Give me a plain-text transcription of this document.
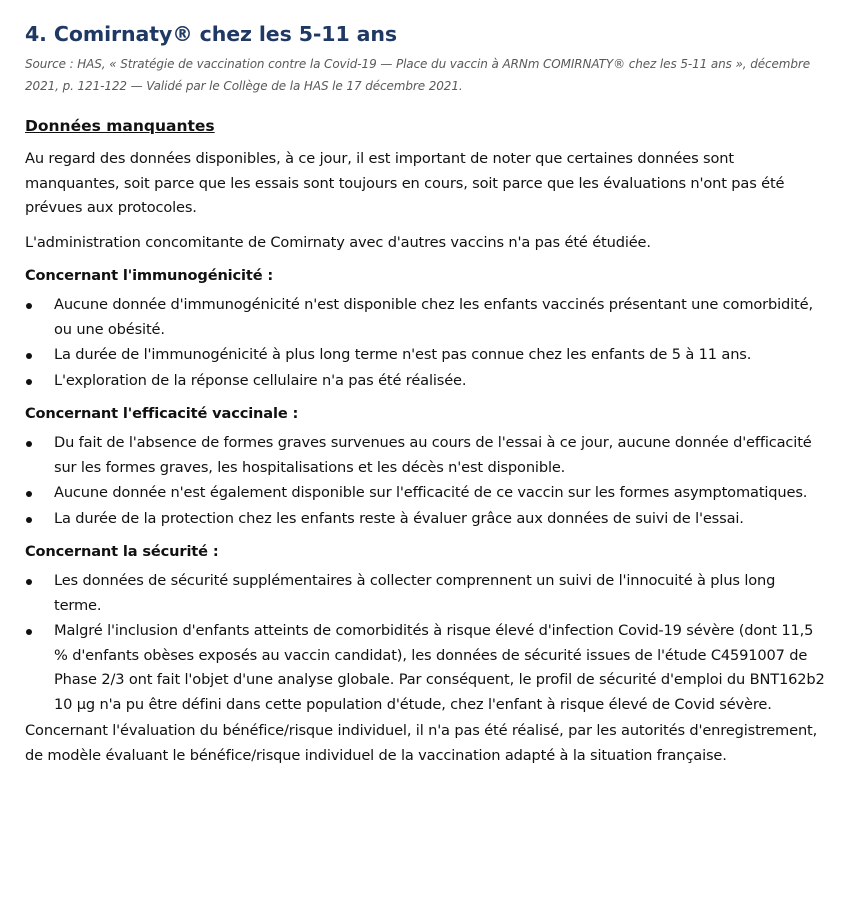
4. Comirnaty® chez les 5-11 ans

Source : HAS, « Stratégie de vaccination contre la Covid-19 — Place du vaccin à ARNm COMIRNATY® chez les 5-11 ans », décembre 2021, p. 121-122 — Validé par le Collège de la HAS le 17 décembre 2021.

Données manquantes

Au regard des données disponibles, à ce jour, il est important de noter que certaines données sont manquantes, soit parce que les essais sont toujours en cours, soit parce que les évaluations n'ont pas été prévues aux protocoles.

L'administration concomitante de Comirnaty avec d'autres vaccins n'a pas été étudiée.

Concernant l'immunogénicité :
Aucune donnée d'immunogénicité n'est disponible chez les enfants vaccinés présentant une comorbidité, ou une obésité.
La durée de l'immunogénicité à plus long terme n'est pas connue chez les enfants de 5 à 11 ans.
L'exploration de la réponse cellulaire n'a pas été réalisée.
Concernant l'efficacité vaccinale :
Du fait de l'absence de formes graves survenues au cours de l'essai à ce jour, aucune donnée d'efficacité sur les formes graves, les hospitalisations et les décès n'est disponible.
Aucune donnée n'est également disponible sur l'efficacité de ce vaccin sur les formes asymptomatiques.
La durée de la protection chez les enfants reste à évaluer grâce aux données de suivi de l'essai.
Concernant la sécurité :
Les données de sécurité supplémentaires à collecter comprennent un suivi de l'innocuité à plus long terme.
Malgré l'inclusion d'enfants atteints de comorbidités à risque élevé d'infection Covid-19 sévère (dont 11,5 % d'enfants obèses exposés au vaccin candidat), les données de sécurité issues de l'étude C4591007 de Phase 2/3 ont fait l'objet d'une analyse globale. Par conséquent, le profil de sécurité d'emploi du BNT162b2 10 µg n'a pu être défini dans cette population d'étude, chez l'enfant à risque élevé de Covid sévère.

Concernant l'évaluation du bénéfice/risque individuel, il n'a pas été réalisé, par les autorités d'enregistrement, de modèle évaluant le bénéfice/risque individuel de la vaccination adapté à la situation française.
